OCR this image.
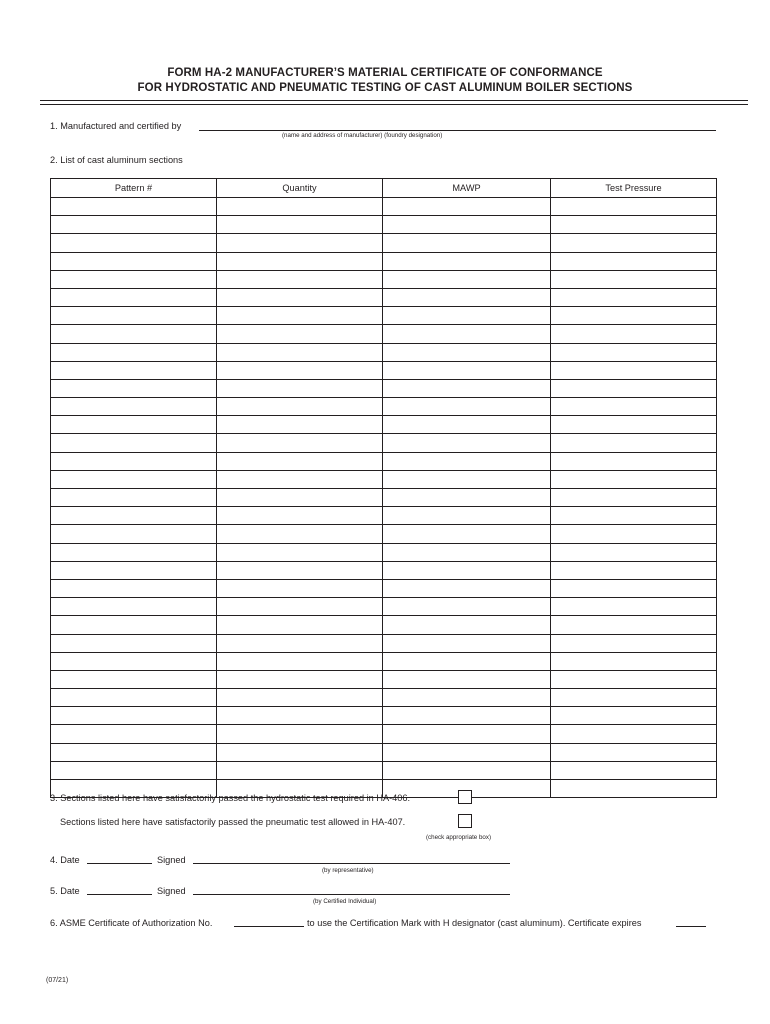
FORM HA-2 MANUFACTURER’S MATERIAL CERTIFICATE OF CONFORMANCE
FOR HYDROSTATIC AND PNEUMATIC TESTING OF CAST ALUMINUM BOILER SECTIONS
1. Manufactured and certified by
(name and address of manufacturer) (foundry designation)
2. List of cast aluminum sections
Pattern #	Quantity	MAWP	Test Pressure

3. Sections listed here have satisfactorily passed the hydrostatic test required in HA-406.
Sections listed here have satisfactorily passed the pneumatic test allowed in HA-407.
(check appropriate box)
4. Date	Signed
(by representative)
5. Date	Signed
(by Certified Individual)
6. ASME Certificate of Authorization No.	to use the Certification Mark with H designator (cast aluminum). Certificate expires
(07/21)
